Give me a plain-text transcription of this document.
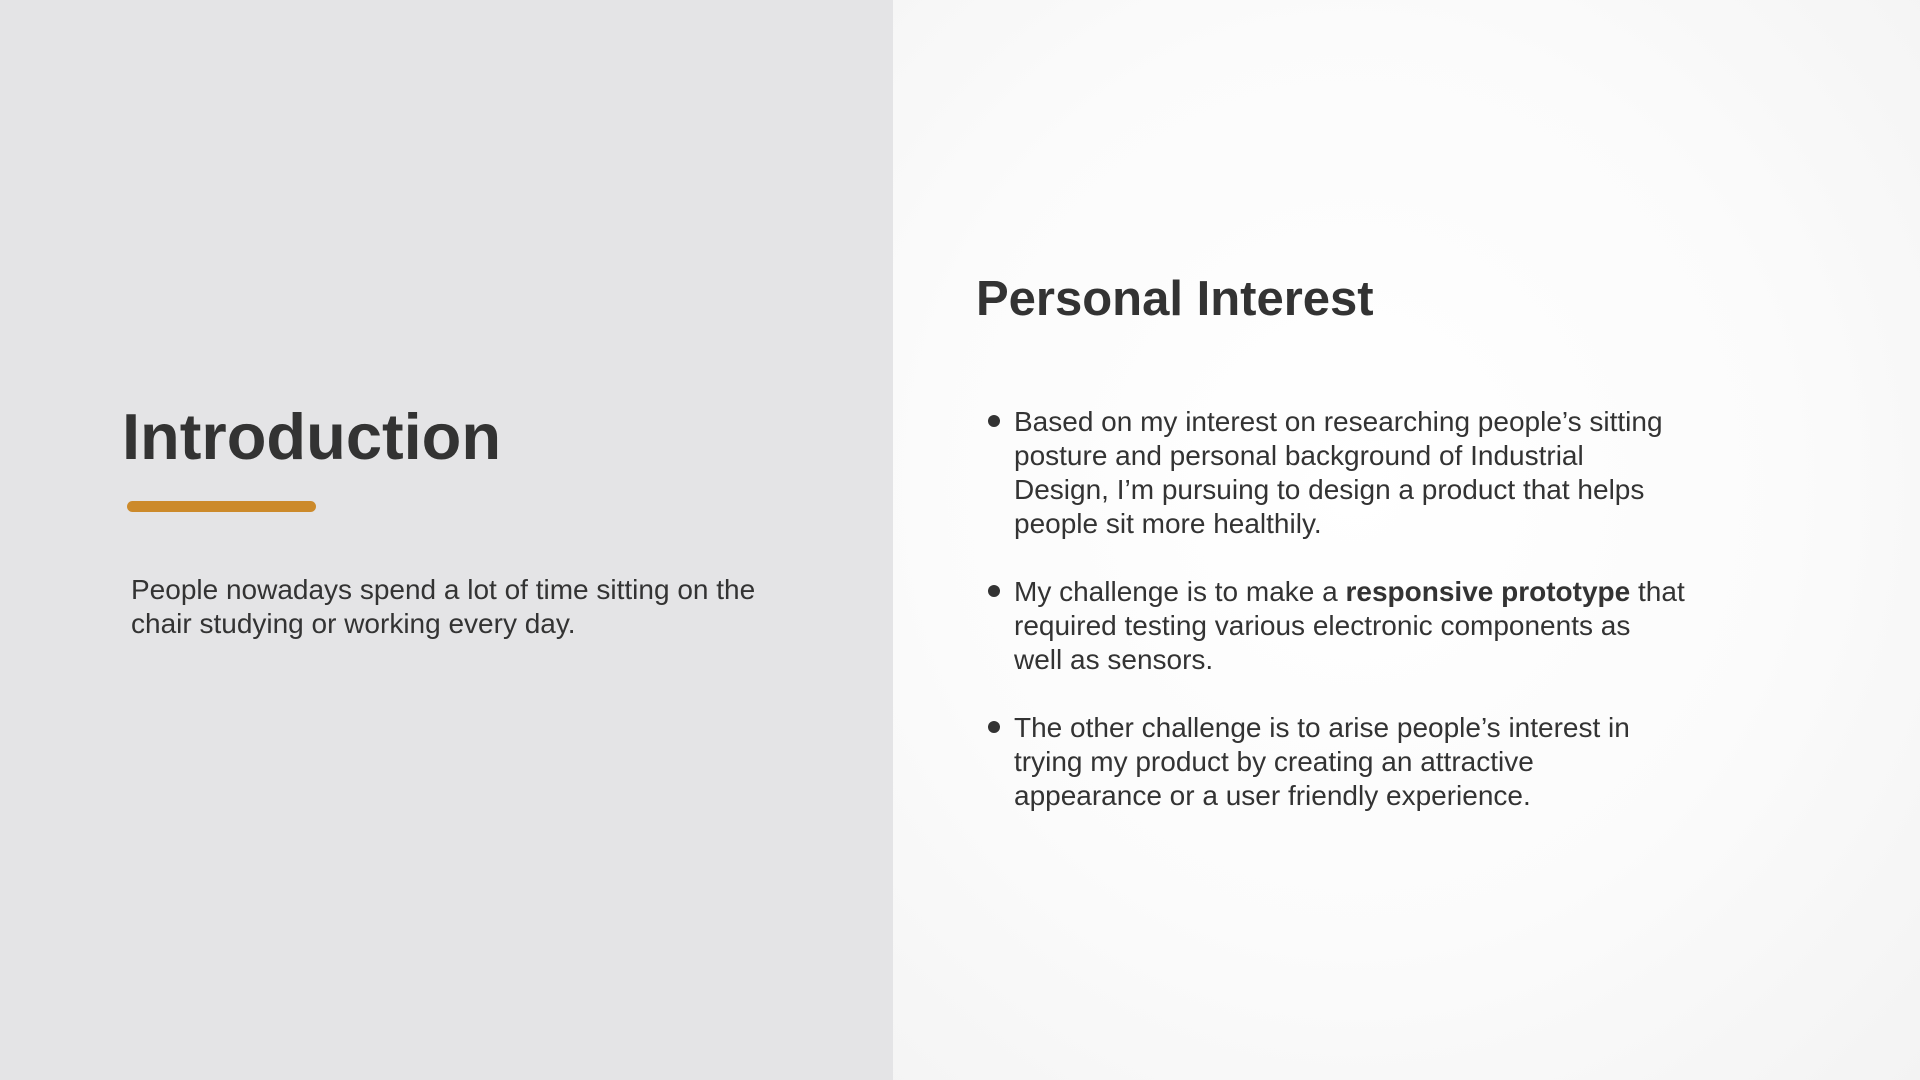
Introduction

People nowadays spend a lot of time sitting on the chair studying or working every day.

Personal Interest
Based on my interest on researching people’s sitting posture and personal background of Industrial Design, I’m pursuing to design a product that helps people sit more healthily.
My challenge is to make a responsive prototype that required testing various electronic components as well as sensors.
The other challenge is to arise people’s interest in trying my product by creating an attractive appearance or a user friendly experience.
